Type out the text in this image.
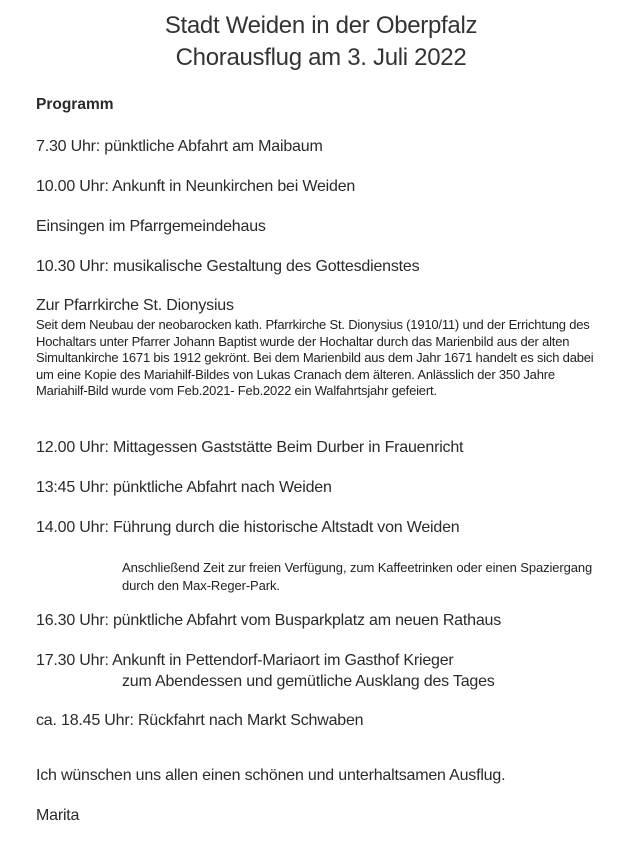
Stadt Weiden in der Oberpfalz
Chorausflug am 3. Juli 2022
Programm
7.30 Uhr: pünktliche Abfahrt am Maibaum
10.00 Uhr: Ankunft in Neunkirchen bei Weiden
Einsingen im Pfarrgemeindehaus
10.30 Uhr: musikalische Gestaltung des Gottesdienstes
Zur Pfarrkirche St. Dionysius
Seit dem Neubau der neobarocken kath. Pfarrkirche St. Dionysius (1910/11) und der Errichtung des Hochaltars unter Pfarrer Johann Baptist wurde der Hochaltar durch das Marienbild aus der alten Simultankirche 1671 bis 1912 gekrönt. Bei dem Marienbild aus dem Jahr 1671 handelt es sich dabei um eine Kopie des Mariahilf-Bildes von Lukas Cranach dem älteren. Anlässlich der 350 Jahre Mariahilf-Bild wurde vom Feb.2021- Feb.2022 ein Walfahrtsjahr gefeiert.
12.00 Uhr: Mittagessen Gaststätte Beim Durber in Frauenricht
13:45 Uhr: pünktliche Abfahrt nach Weiden
14.00 Uhr: Führung durch die historische Altstadt von Weiden
Anschließend Zeit zur freien Verfügung, zum Kaffeetrinken oder einen Spaziergang durch den Max-Reger-Park.
16.30 Uhr: pünktliche Abfahrt vom Busparkplatz am neuen Rathaus
17.30 Uhr: Ankunft in Pettendorf-Mariaort im Gasthof Krieger
zum Abendessen und gemütliche Ausklang des Tages
ca. 18.45 Uhr: Rückfahrt nach Markt Schwaben
Ich wünschen uns allen einen schönen und unterhaltsamen Ausflug.
Marita
